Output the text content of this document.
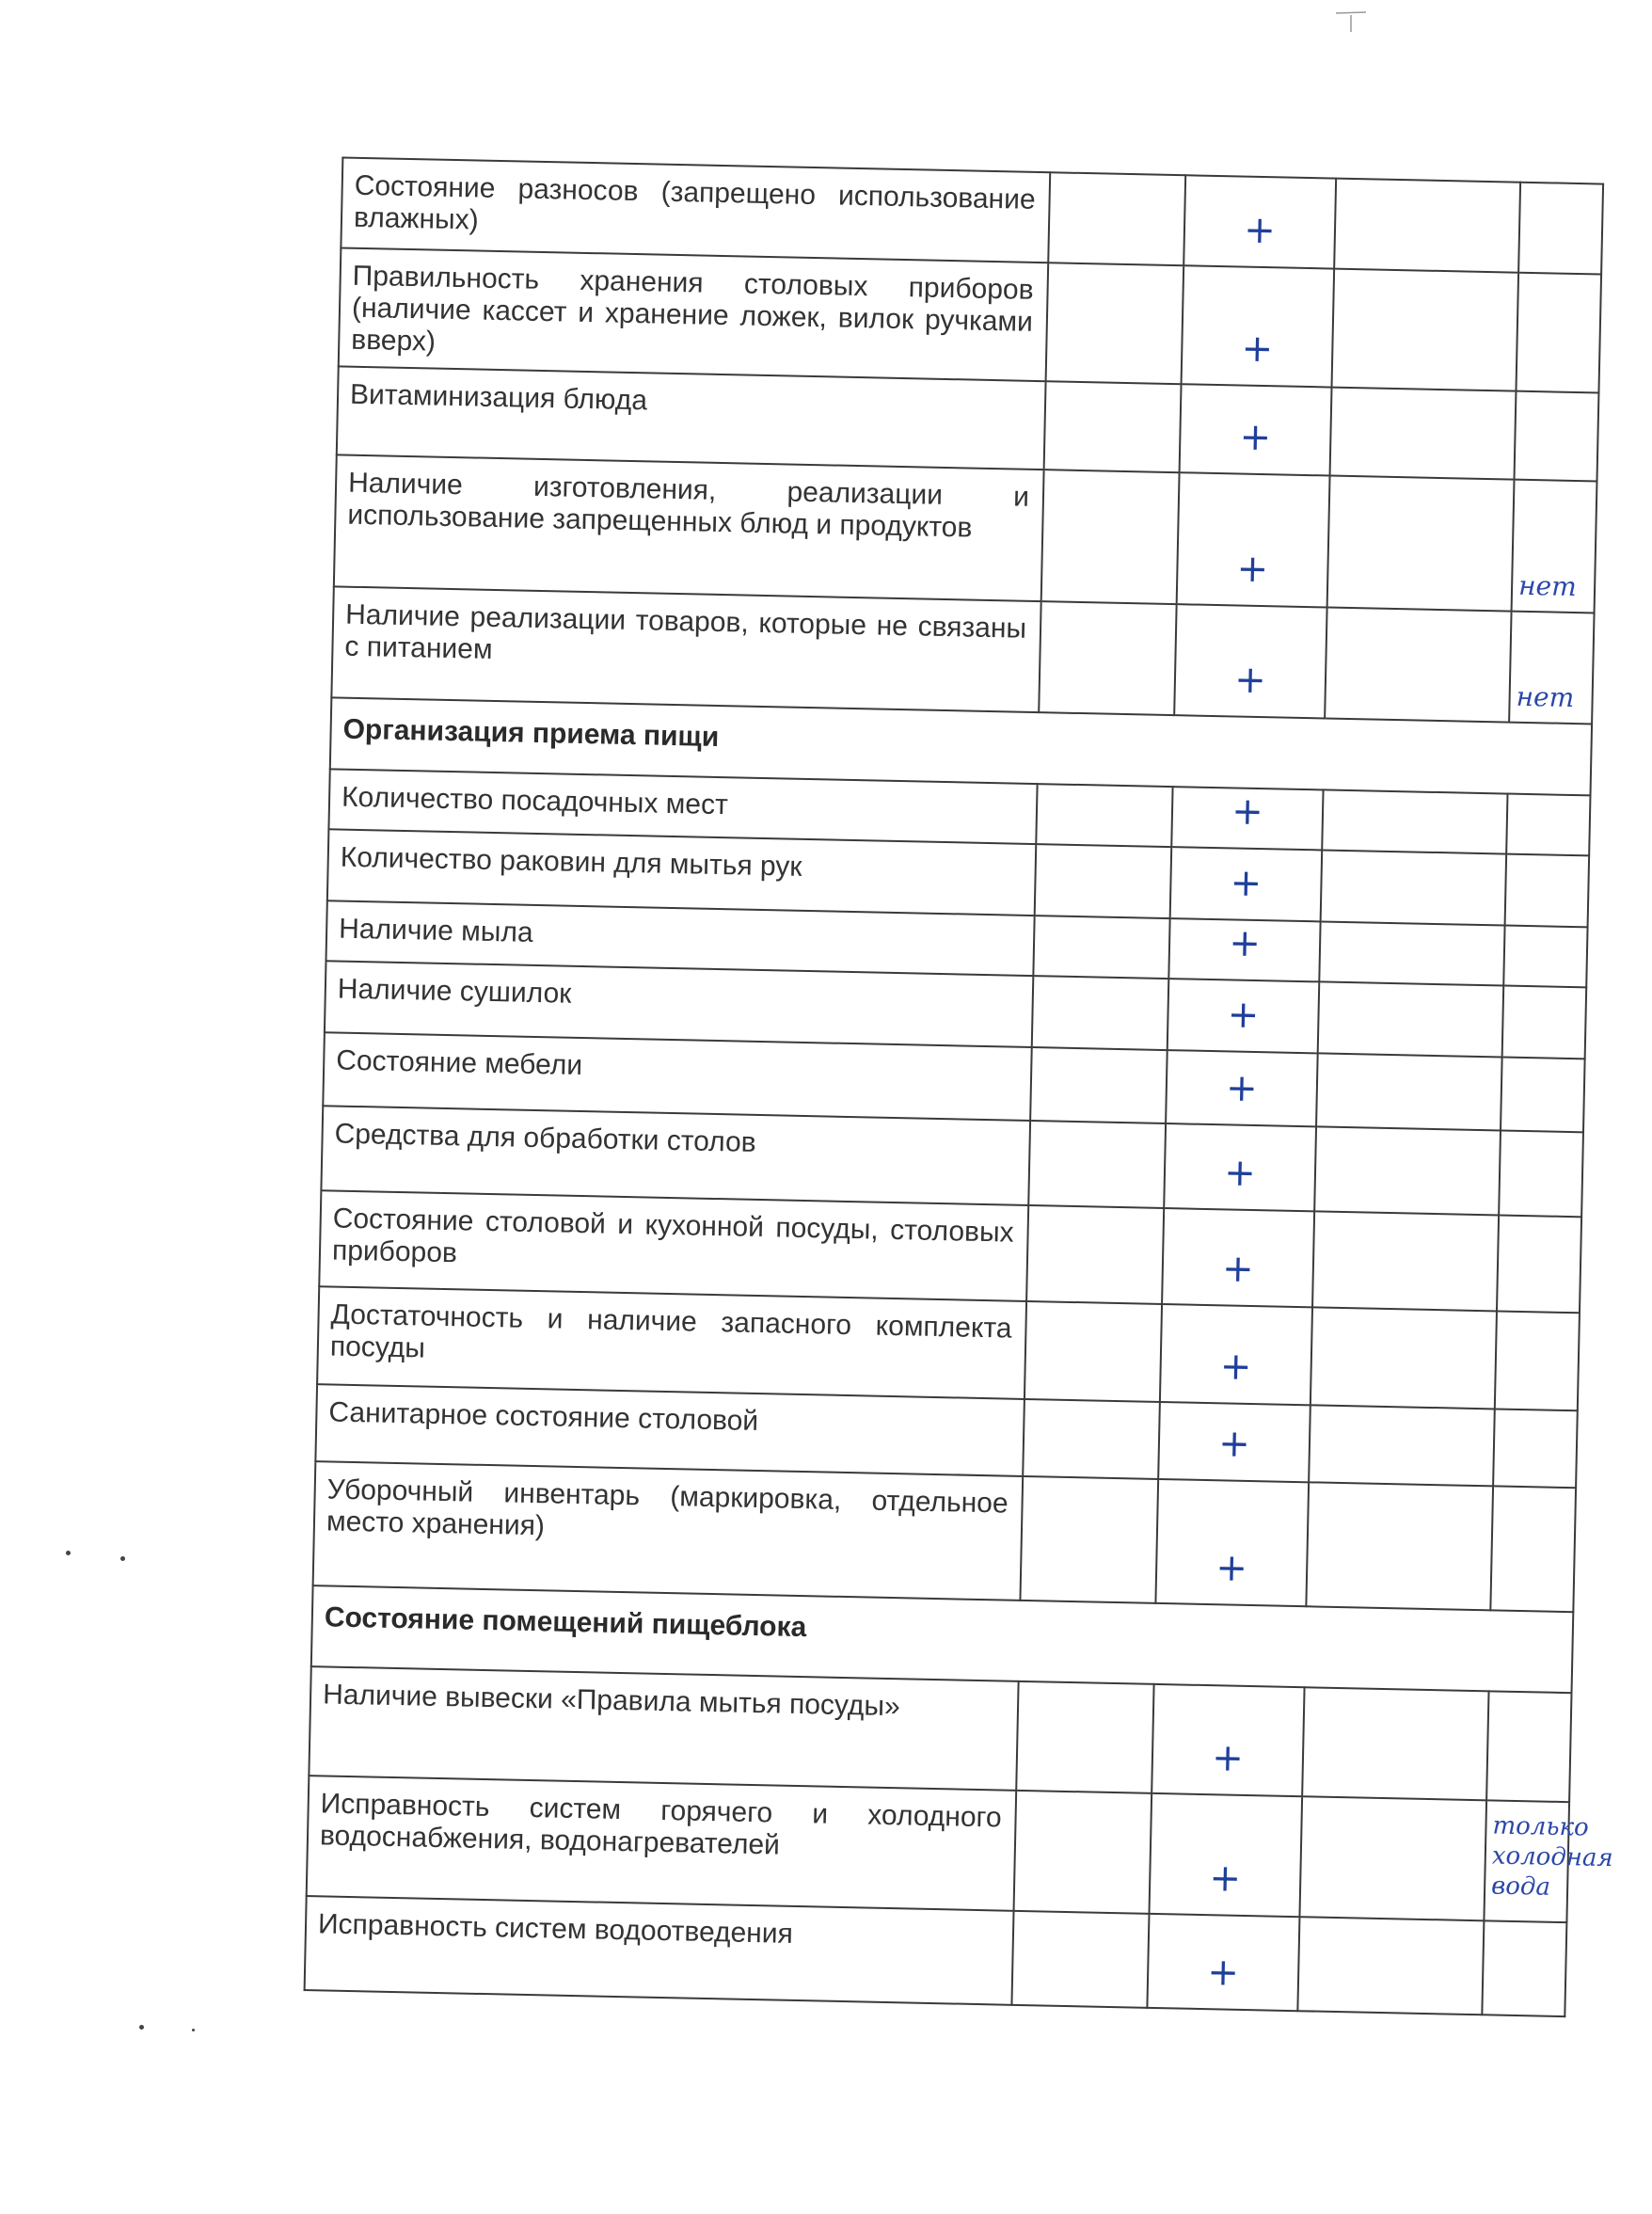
Состояние разносов (запрещено использование влажных)		+		

Правильность хранения столовых приборов (наличие кассет и хранение ложек, вилок ручками вверх)		+		

Витаминизация блюда		+		

Наличие изготовления, реализации и использование запрещенных блюд и продуктов		+		нет

Наличие реализации товаров, которые не связаны с питанием		+		нет

Организация приема пищи				
Количество посадочных мест		+		

Количество раковин для мытья рук		+		

Наличие мыла		+		

Наличие сушилок		+		

Состояние мебели		+		

Средства для обработки столов		+		

Состояние столовой и кухонной посуды, столовых приборов		+		

Достаточность и наличие запасного комплекта посуды		+		

Санитарное состояние столовой		+		

Уборочный инвентарь (маркировка, отдельное место хранения)		+		

Состояние помещений пищеблока				
Наличие вывески «Правила мытья посуды»		+		

Исправность систем горячего и холодного водоснабжения, водонагревателей		+		только холодная вода

Исправность систем водоотведения		+		
